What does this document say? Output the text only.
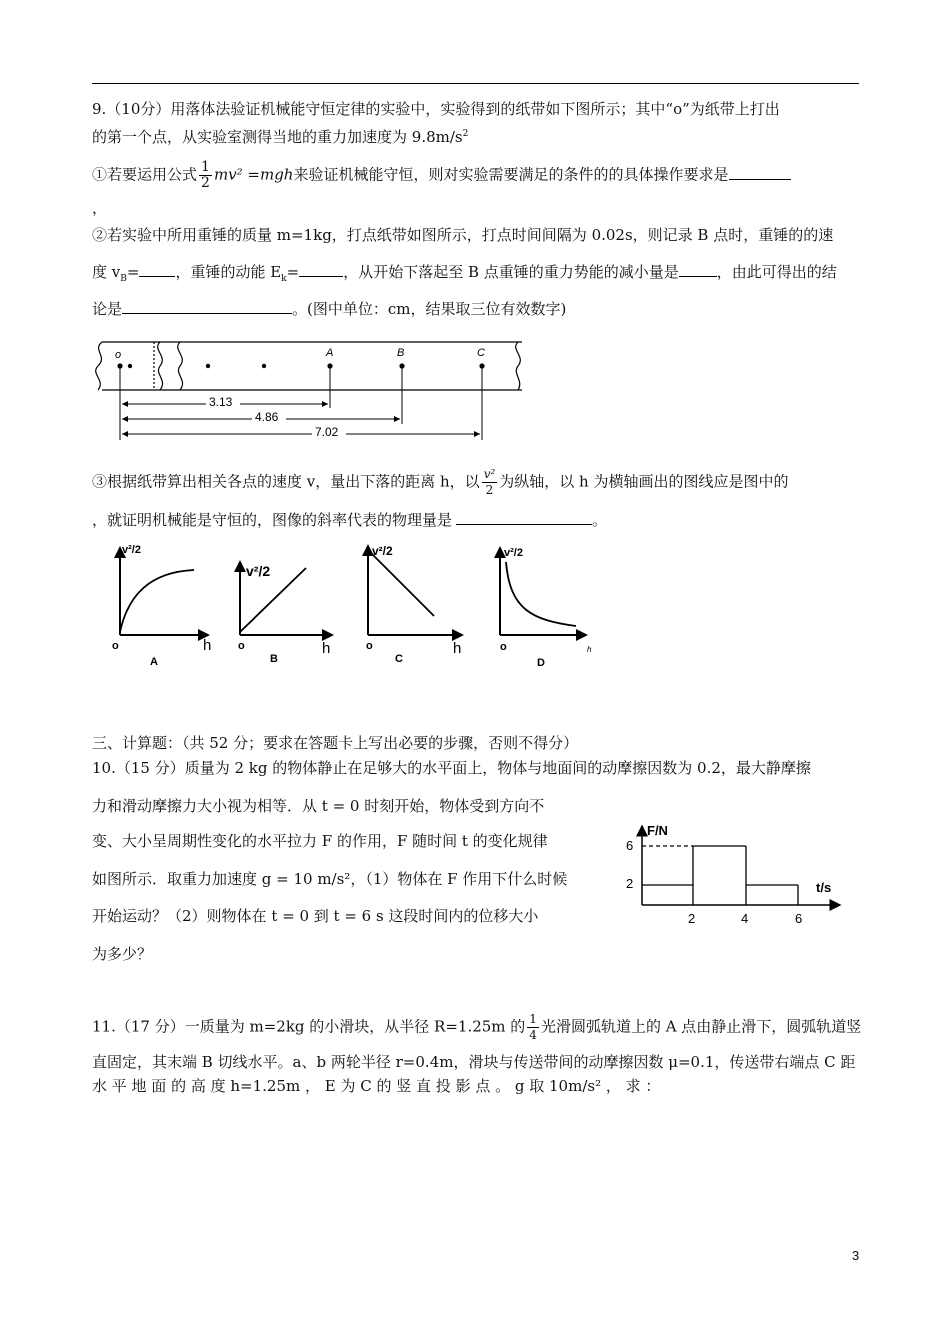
9.（10分）用落体法验证机械能守恒定律的实验中，实验得到的纸带如下图所示；其中“o”为纸带上打出
的第一个点，从实验室测得当地的重力加速度为 $9.8m/s^2$
①若要运用公式 $\frac{1}{2} mv^2 =mgh$来验证机械能守恒，则对实验需要满足的条件的的具体操作要求是
，
②若实验中所用重锤的质量 m=1kg，打点纸带如图所示，打点时间间隔为 0.02s，则记录 B 点时，重锤的的速
度 $v_B=$ ，重锤的动能 $E_k=$	，从开始下落起至 B 点重锤的重力势能的减小量是	，由此可得出的结
论是	。(图中单位：cm，结果取三位有效数字)
o	A	B	C
3.13
4.86
7.02
③根据纸带算出相关各点的速度 v，量出下落的距离 h，以 $\frac{\text{v²}}{2}$ 为纵轴，以 h 为横轴画出的图线应是图中的
，就证明机械能是守恒的，图像的斜率代表的物理量是	。
v²/2
o	h
A
v²/2
o	h
B
v²/2
o	h
C
v²/2
o	h
D
三、计算题：（共 52 分；要求在答题卡上写出必要的步骤，否则不得分）
10.（15 分）质量为 2 kg 的物体静止在足够大的水平面上，物体与地面间的动摩擦因数为 0.2，最大静摩擦
力和滑动摩擦力大小视为相等．从 t = 0 时刻开始，物体受到方向不
变、大小呈周期性变化的水平拉力 F 的作用，F 随时间 t 的变化规律
如图所示．取重力加速度 g = 10 m/s²，（1）物体在 F 作用下什么时候
开始运动？（2）则物体在 t = 0 到 t = 6 s 这段时间内的位移大小
为多少？
F/N
t/s
6
2
2	4	6
11.（17 分）一质量为 m=2kg 的小滑块，从半径 R=1.25m 的 $\frac{1}{4}$ 光滑圆弧轨道上的 A 点由静止滑下，圆弧轨道竖
直固定，其末端 B 切线水平。a、b 两轮半径 r=0.4m，滑块与传送带间的动摩擦因数 μ=0.1，传送带右端点 C 距
水 平 地 面 的 高 度 h=1.25m ， E 为 C 的 竖 直 投 影 点 。 g 取 10m/s² ， 求 ：
3
